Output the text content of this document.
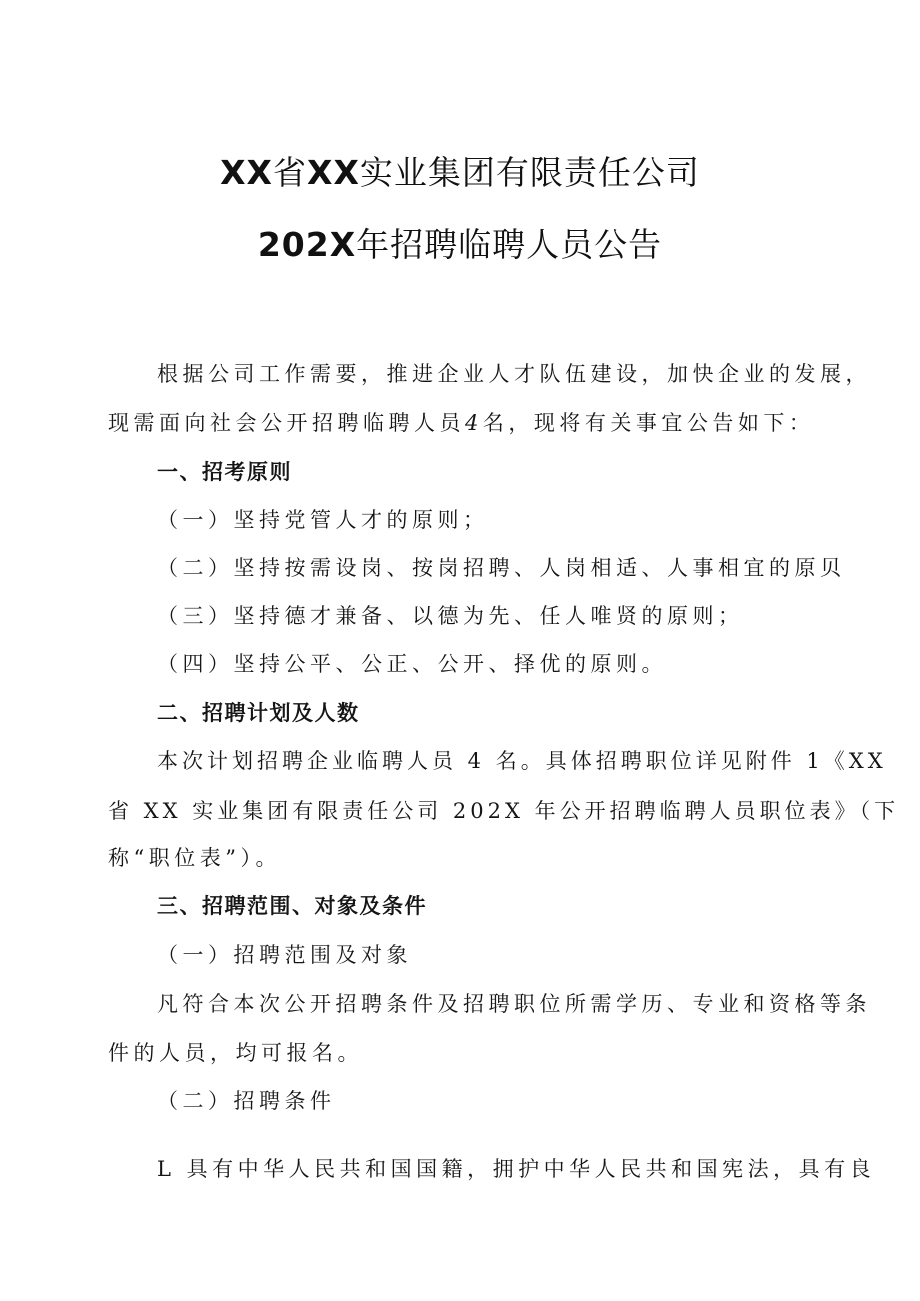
XX省XX实业集团有限责任公司
202X年招聘临聘人员公告
根据公司工作需要，推进企业人才队伍建设，加快企业的发展，
现需面向社会公开招聘临聘人员4名，现将有关事宜公告如下：
一、招考原则
（一）坚持党管人才的原则；
（二）坚持按需设岗、按岗招聘、人岗相适、人事相宜的原贝
（三）坚持德才兼备、以德为先、任人唯贤的原则；
（四）坚持公平、公正、公开、择优的原则。
二、招聘计划及人数
本次计划招聘企业临聘人员 4 名。具体招聘职位详见附件 1《XX
省 XX 实业集团有限责任公司 202X 年公开招聘临聘人员职位表》（下
称“职位表”）。
三、招聘范围、对象及条件
（一）招聘范围及对象
凡符合本次公开招聘条件及招聘职位所需学历、专业和资格等条
件的人员，均可报名。
（二）招聘条件
L 具有中华人民共和国国籍，拥护中华人民共和国宪法，具有良
